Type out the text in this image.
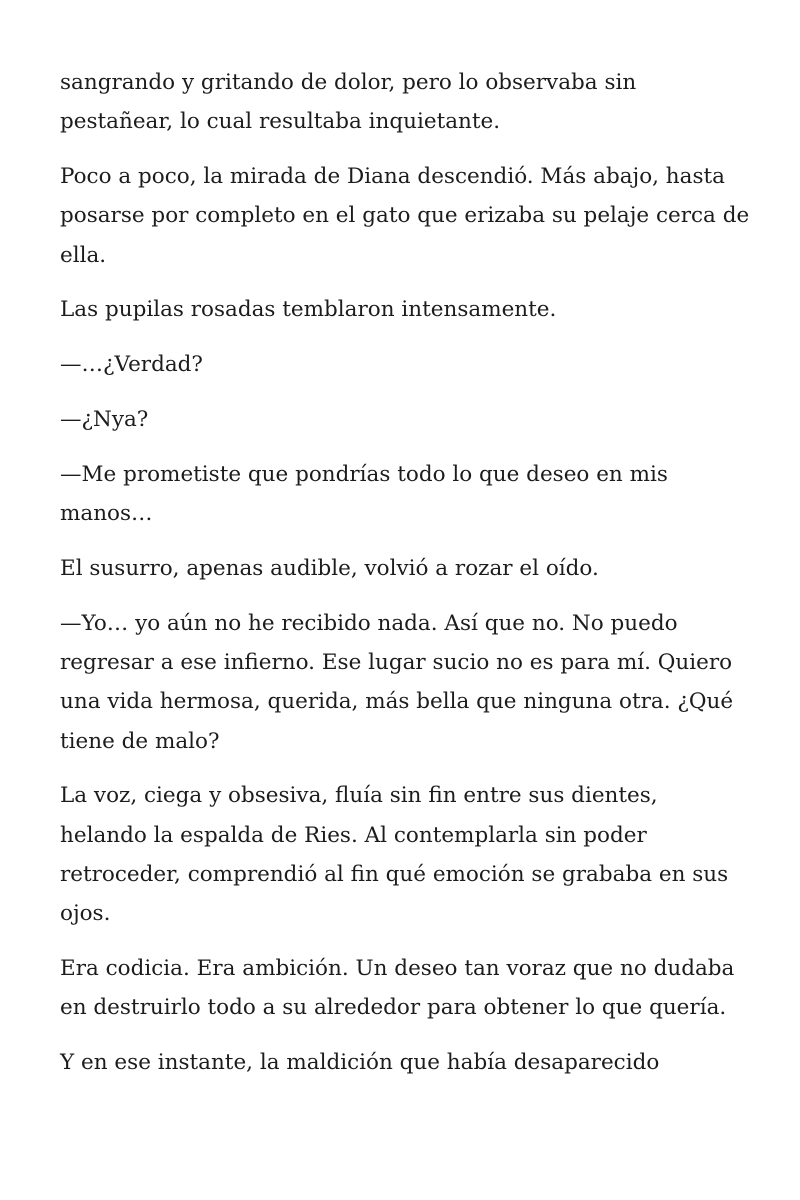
sangrando y gritando de dolor, pero lo observaba sin pestañear, lo cual resultaba inquietante.

Poco a poco, la mirada de Diana descendió. Más abajo, hasta posarse por completo en el gato que erizaba su pelaje cerca de ella.

Las pupilas rosadas temblaron intensamente.

—…¿Verdad?

—¿Nya?

—Me prometiste que pondrías todo lo que deseo en mis manos…

El susurro, apenas audible, volvió a rozar el oído.

—Yo… yo aún no he recibido nada. Así que no. No puedo regresar a ese infierno. Ese lugar sucio no es para mí. Quiero una vida hermosa, querida, más bella que ninguna otra. ¿Qué tiene de malo?

La voz, ciega y obsesiva, fluía sin fin entre sus dientes, helando la espalda de Ries. Al contemplarla sin poder retroceder, comprendió al fin qué emoción se grababa en sus ojos.

Era codicia. Era ambición. Un deseo tan voraz que no dudaba en destruirlo todo a su alrededor para obtener lo que quería.

Y en ese instante, la maldición que había desaparecido
